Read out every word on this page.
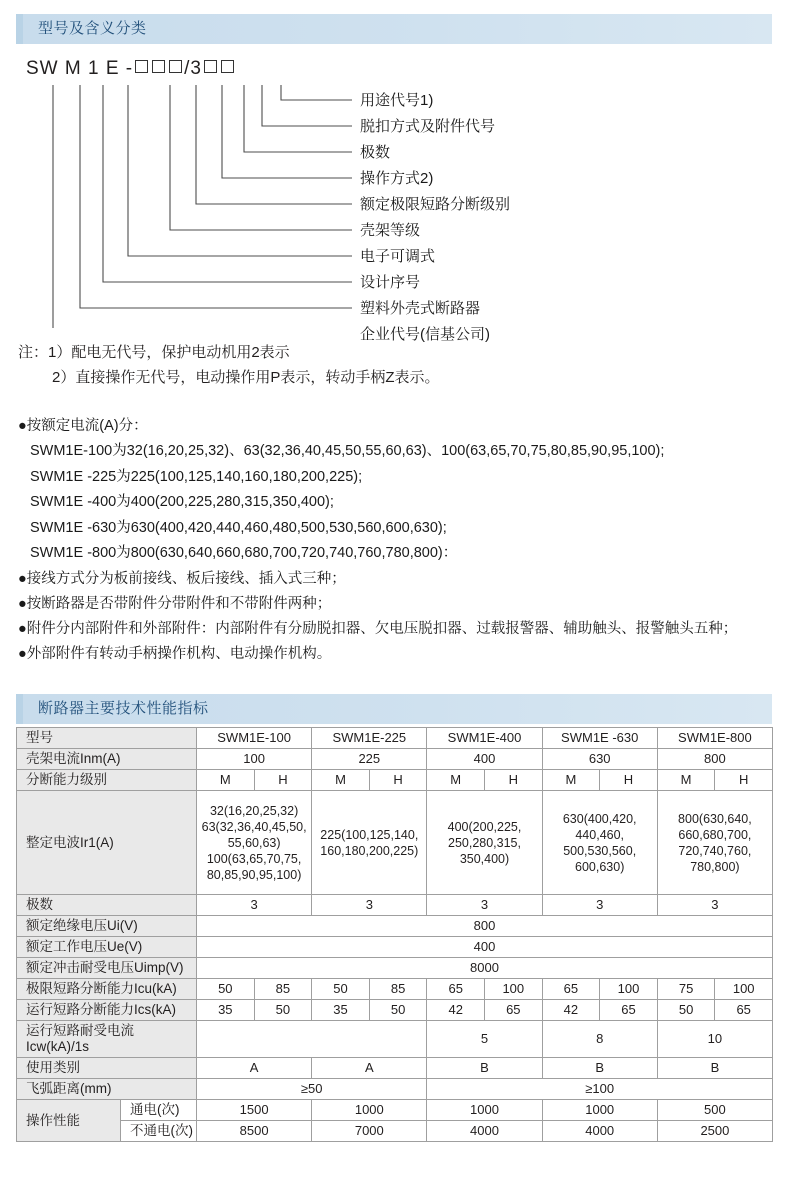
型号及含义分类
SW M 1 E -	/3
用途代号1)
脱扣方式及附件代号
极数
操作方式2)
额定极限短路分断级别
壳架等级
电子可调式
设计序号
塑料外壳式断路器
企业代号(信基公司)
注：1）配电无代号，保护电动机用2表示
2）直接操作无代号，电动操作用P表示，转动手柄Z表示。
●按额定电流(A)分：
SWM1E-100为32(16,20,25,32)、63(32,36,40,45,50,55,60,63)、100(63,65,70,75,80,85,90,95,100);
SWM1E -225为225(100,125,140,160,180,200,225);
SWM1E -400为400(200,225,280,315,350,400);
SWM1E -630为630(400,420,440,460,480,500,530,560,600,630);
SWM1E -800为800(630,640,660,680,700,720,740,760,780,800)：
●接线方式分为板前接线、板后接线、插入式三种；
●按断路器是否带附件分带附件和不带附件两种；
●附件分内部附件和外部附件：内部附件有分励脱扣器、欠电压脱扣器、过载报警器、辅助触头、报警触头五种；
●外部附件有转动手柄操作机构、电动操作机构。
断路器主要技术性能指标
型号		SWM1E-100		SWM1E-225		SWM1E-400		SWM1E -630		SWM1E-800	
壳架电流Inm(A)		100		225		400		630		800	
分断能力级别		M	H	M	H	M	H	M	H	M	H
整定电波Ir1(A)		32(16,20,25,32)
63(32,36,40,45,50,
55,60,63)
100(63,65,70,75,
80,85,90,95,100)		225(100,125,140,
160,180,200,225)		400(200,225,
250,280,315,
350,400)		630(400,420,
440,460,
500,530,560,
600,630)		800(630,640,
660,680,700,
720,740,760,
780,800)	
极数		3		3		3		3		3	
额定绝缘电压Ui(V)		800									
额定工作电压Ue(V)		400									
额定冲击耐受电压Uimp(V)		8000									
极限短路分断能力Icu(kA)		50	85	50	85	65	100	65	100	75	100
运行短路分断能力Ics(kA)		35	50	35	50	42	65	42	65	50	65
运行短路耐受电流Icw(kA)/1s						5		8		10	
使用类别		A		A		B		B		B	
飞弧距离(mm)		≥50				≥100					
操作性能	通电(次)	1500		1000		1000		1000		500	
	不通电(次)	8500		7000		4000		4000		2500	
